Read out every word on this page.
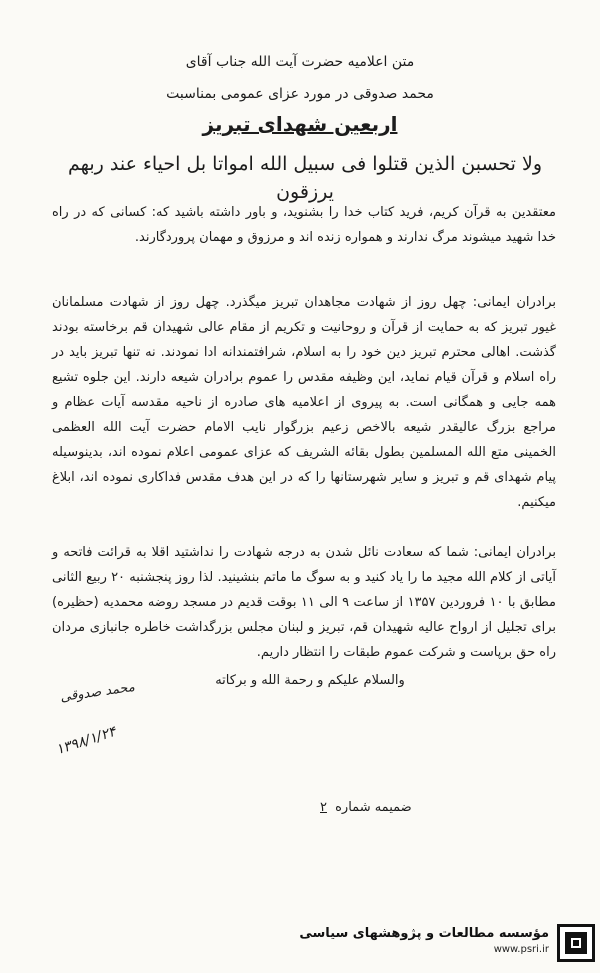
متن اعلامیه حضرت آیت الله جناب آقای
محمد صدوقی در مورد عزای عمومی بمناسبت
اربعین شهدای تبریز
ولا تحسبن الذین قتلوا فی سبیل الله امواتا بل احیاء عند ربهم یرزقون
معتقدین به قرآن کریم، فرید کتاب خدا را بشنوید، و باور داشته باشید که: کسانی که در راه خدا شهید میشوند مرگ ندارند و همواره زنده اند و مرزوق و مهمان پروردگارند.
برادران ایمانی: چهل روز از شهادت مجاهدان تبریز میگذرد. چهل روز از شهادت مسلمانان غیور تبریز که به حمایت از قرآن و روحانیت و تکریم از مقام عالی شهیدان قم برخاسته بودند گذشت. اهالی محترم تبریز دین خود را به اسلام، شرافتمندانه ادا نمودند. نه تنها تبریز باید در راه اسلام و قرآن قیام نماید، این وظیفه مقدس را عموم برادران شیعه دارند. این جلوه تشیع همه جایی و همگانی است. به پیروی از اعلامیه های صادره از ناحیه مقدسه آیات عظام و مراجع بزرگ عالیقدر شیعه بالاخص زعیم بزرگوار نایب الامام حضرت آیت الله العظمی الخمینی متع الله المسلمین بطول بقائه الشریف که عزای عمومی اعلام نموده اند، بدینوسیله پیام شهدای قم و تبریز و سایر شهرستانها را که در این هدف مقدس فداکاری نموده اند، ابلاغ میکنیم.
برادران ایمانی: شما که سعادت نائل شدن به درجه شهادت را نداشتید اقلا به قرائت فاتحه و آیاتی از کلام الله مجید ما را یاد کنید و به سوگ ما ماتم بنشینید. لذا روز پنجشنبه ۲۰ ربیع الثانی مطابق با ۱۰ فروردین ۱۳۵۷ از ساعت ۹ الی ۱۱ بوقت قدیم در مسجد روضه محمدیه (حظیره) برای تجلیل از ارواح عالیه شهیدان قم، تبریز و لبنان مجلس بزرگداشت خاطره جانبازی مردان راه حق برپاست و شرکت عموم طبقات را انتظار داریم.
والسلام علیکم و رحمة الله و برکاته
محمد صدوقی
۱۳۹۸/۱/۲۴
ضمیمه شماره ۲
مؤسسه مطالعات و پژوهشهای سیاسی
www.psri.ir
